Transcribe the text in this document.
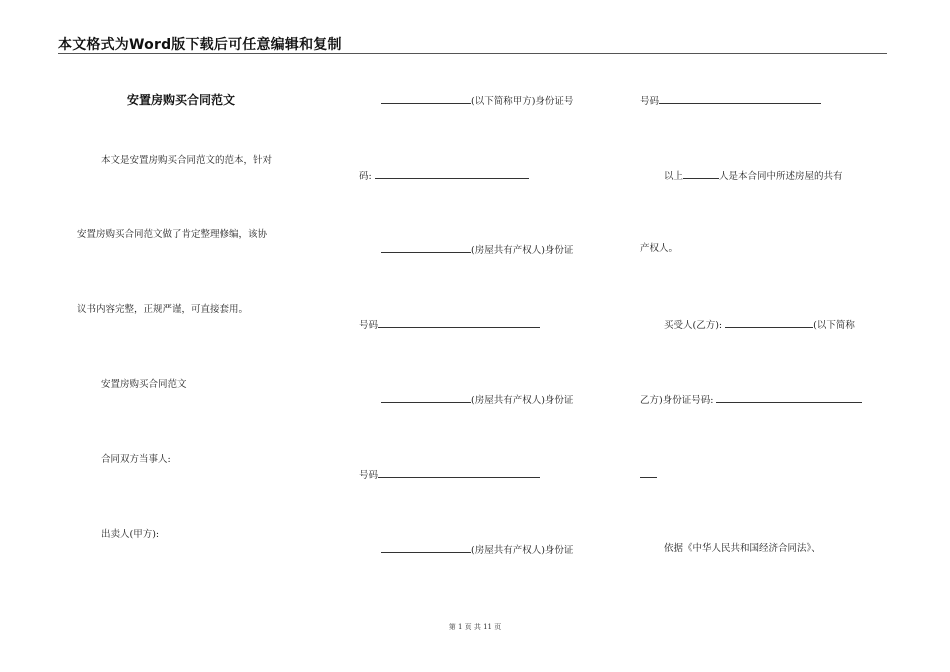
本文格式为Word版下载后可任意编辑和复制
安置房购买合同范文
本文是安置房购买合同范文的范本，针对
安置房购买合同范文做了肯定整理修编，该协
议书内容完整，正规严谨，可直接套用。
安置房购买合同范文
合同双方当事人:
出卖人(甲方):
(以下简称甲方)身份证号
码:
(房屋共有产权人)身份证
号码
(房屋共有产权人)身份证
号码
(房屋共有产权人)身份证
号码
以上	人是本合同中所述房屋的共有
产权人。
买受人(乙方):	(以下简称
乙方)身份证号码:
依据《中华人民共和国经济合同法》、
第 1 页 共 11 页
